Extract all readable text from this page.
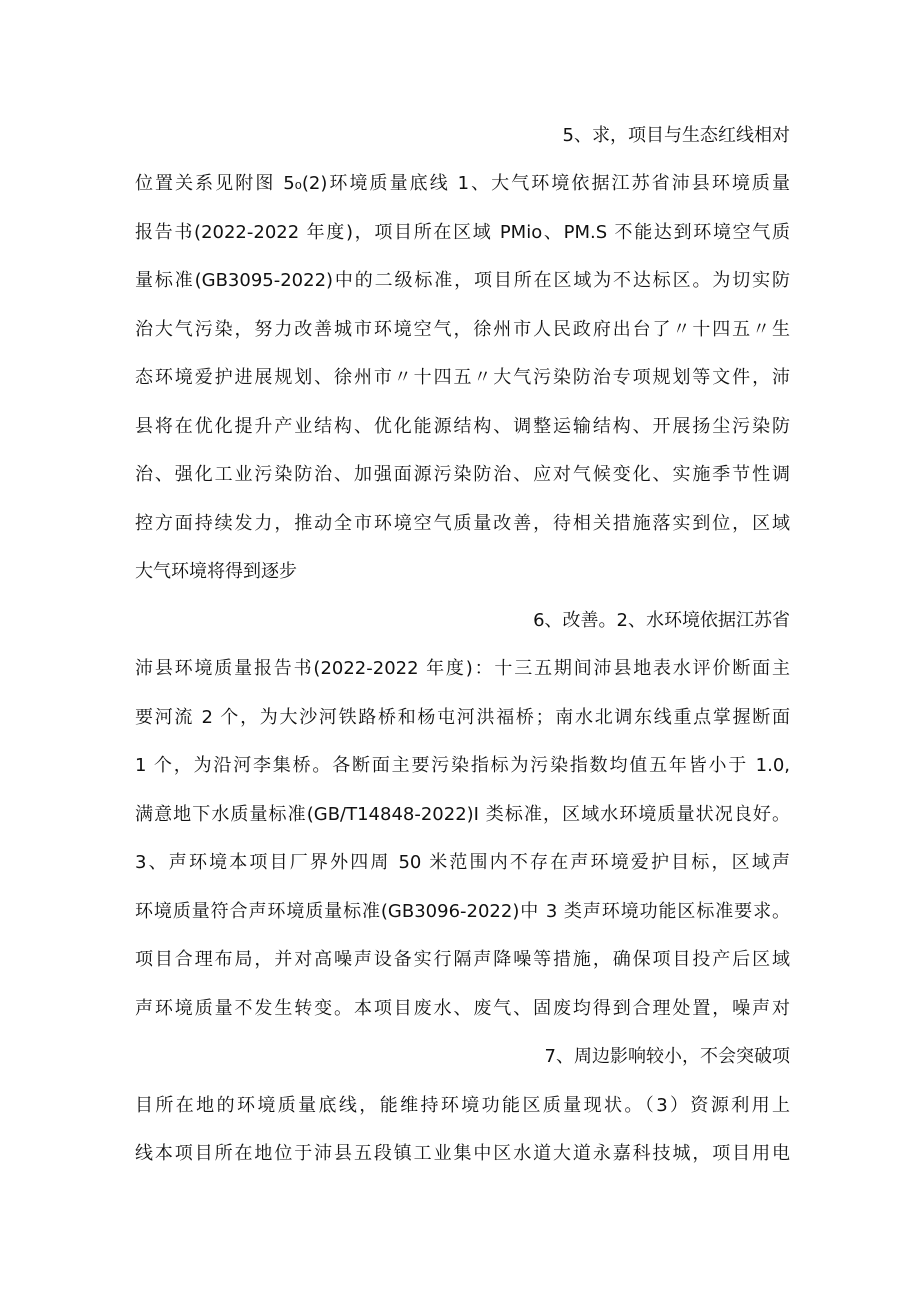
5、求，项目与生态红线相对
位置关系见附图 5₀(2)环境质量底线 1、大气环境依据江苏省沛县环境质量
报告书(2022-2022 年度)，项目所在区域 PMio、PM.S 不能达到环境空气质
量标准(GB3095-2022)中的二级标准，项目所在区域为不达标区。为切实防
治大气污染，努力改善城市环境空气，徐州市人民政府出台了〃十四五〃生
态环境爱护进展规划、徐州市〃十四五〃大气污染防治专项规划等文件，沛
县将在优化提升产业结构、优化能源结构、调整运输结构、开展扬尘污染防
治、强化工业污染防治、加强面源污染防治、应对气候变化、实施季节性调
控方面持续发力，推动全市环境空气质量改善，待相关措施落实到位，区域
大气环境将得到逐步
6、改善。2、水环境依据江苏省
沛县环境质量报告书(2022-2022 年度)：十三五期间沛县地表水评价断面主
要河流 2 个，为大沙河铁路桥和杨屯河洪福桥；南水北调东线重点掌握断面
1 个，为沿河李集桥。各断面主要污染指标为污染指数均值五年皆小于 1.0,
满意地下水质量标准(GB/T14848-2022)I 类标准，区域水环境质量状况良好。
3、声环境本项目厂界外四周 50 米范围内不存在声环境爱护目标，区域声
环境质量符合声环境质量标准(GB3096-2022)中 3 类声环境功能区标准要求。
项目合理布局，并对高噪声设备实行隔声降噪等措施，确保项目投产后区域
声环境质量不发生转变。本项目废水、废气、固废均得到合理处置，噪声对
7、周边影响较小，不会突破项
目所在地的环境质量底线，能维持环境功能区质量现状。（3）资源利用上
线本项目所在地位于沛县五段镇工业集中区水道大道永嘉科技城，项目用电
